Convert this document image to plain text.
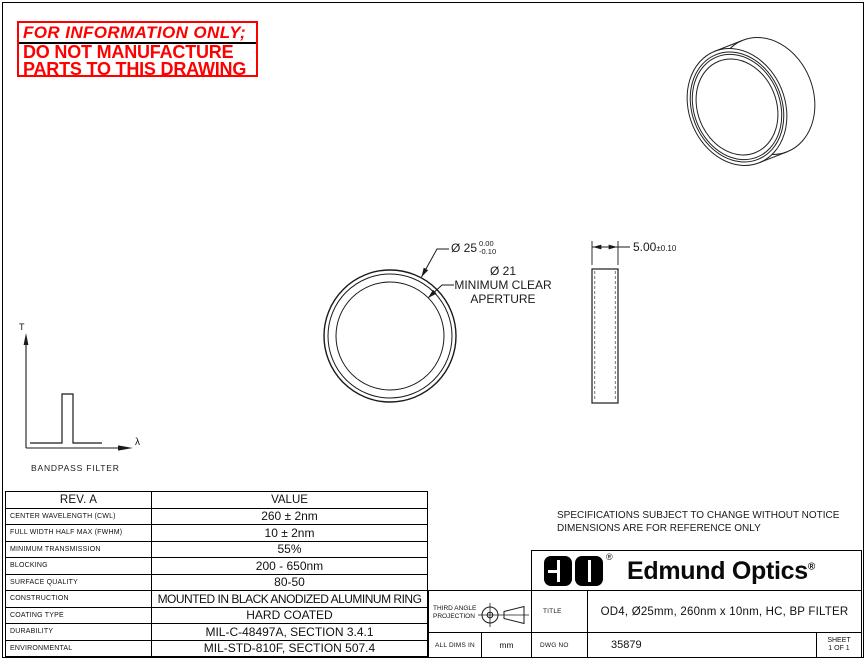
FOR INFORMATION ONLY;
DO NOT MANUFACTURE
PARTS TO THIS DRAWING
Ø 25 0.00
-0.10
Ø 21
MINIMUM CLEAR
APERTURE
5.00 ±0.10
T
λ
BANDPASS FILTER
REV. A	VALUE
CENTER WAVELENGTH (CWL)	260 ± 2nm
FULL WIDTH HALF MAX (FWHM)	10 ± 2nm
MINIMUM TRANSMISSION	55%
BLOCKING	200 - 650nm
SURFACE QUALITY	80-50
CONSTRUCTION	MOUNTED IN BLACK ANODIZED ALUMINUM RING
COATING TYPE	HARD COATED
DURABILITY	MIL-C-48497A, SECTION 3.4.1
ENVIRONMENTAL	MIL-STD-810F, SECTION 507.4
SPECIFICATIONS SUBJECT TO CHANGE WITHOUT NOTICE
DIMENSIONS ARE FOR REFERENCE ONLY
® Edmund Optics®
THIRD ANGLE
PROJECTION
TITLE	OD4, Ø25mm, 260nm x 10nm, HC, BP FILTER
ALL DIMS IN	mm	DWG NO	35879	SHEET
1 OF 1
